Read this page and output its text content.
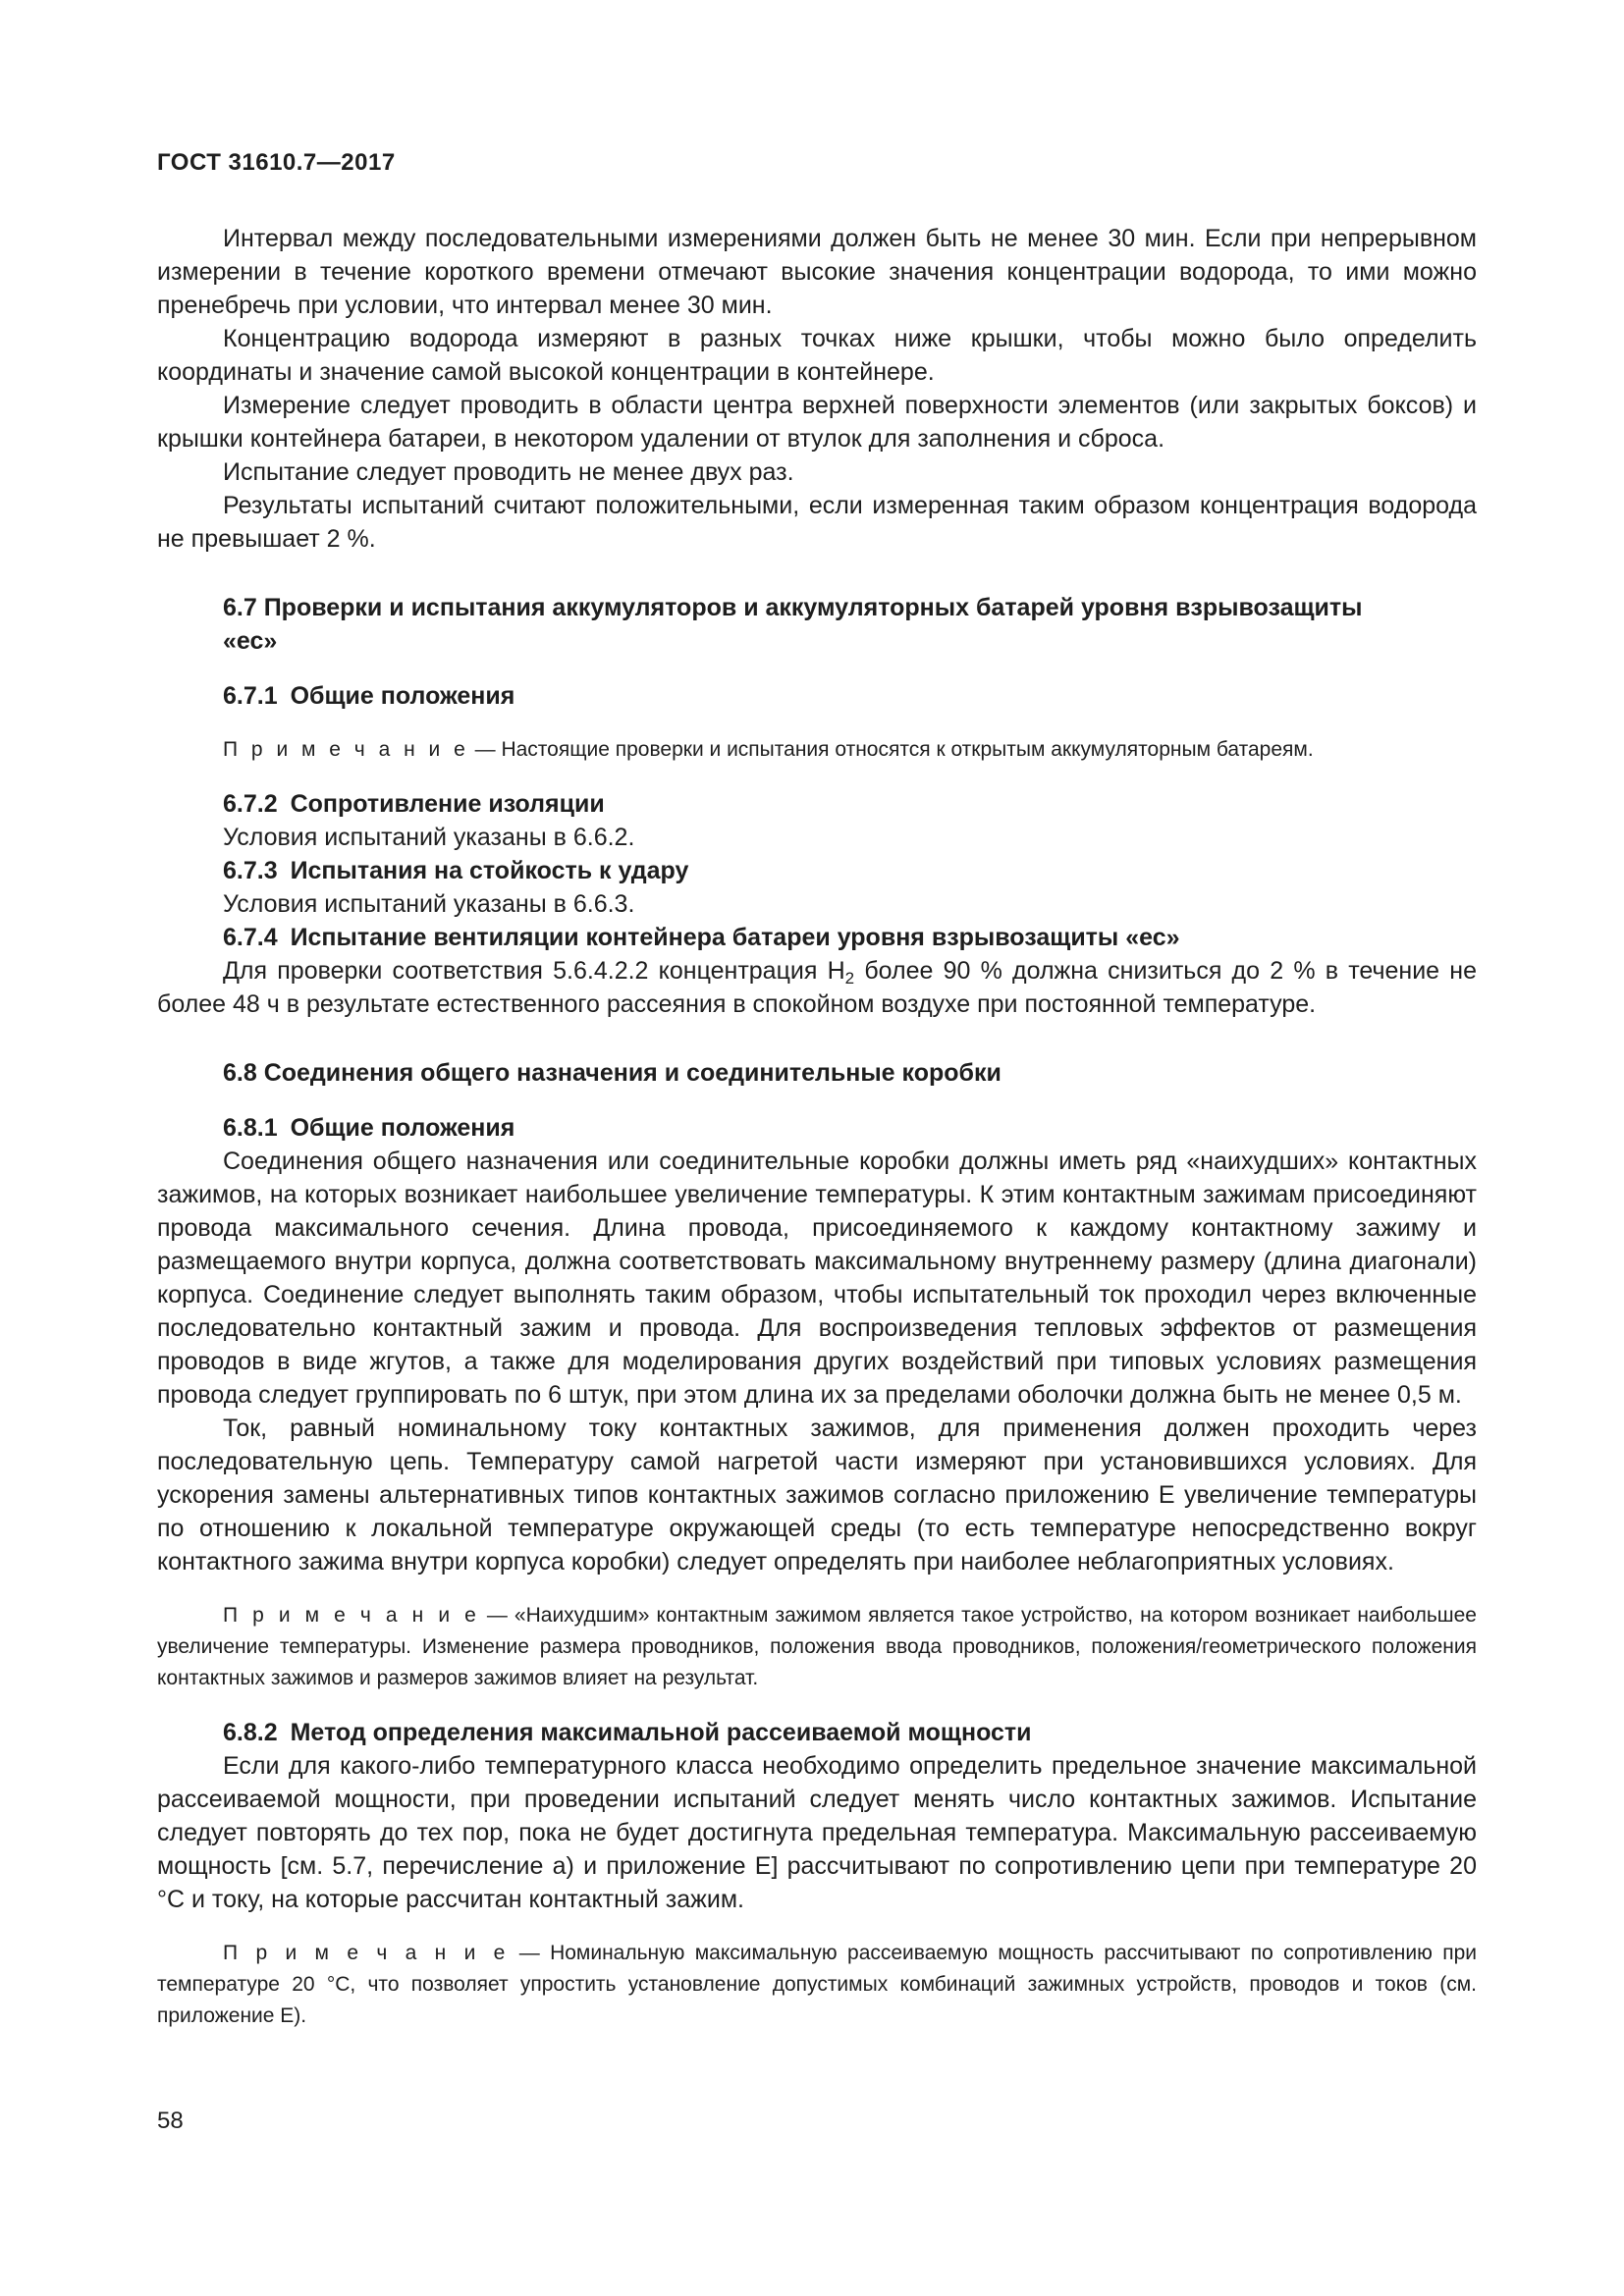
ГОСТ 31610.7—2017

Интервал между последовательными измерениями должен быть не менее 30 мин. Если при непрерывном измерении в течение короткого времени отмечают высокие значения концентрации водорода, то ими можно пренебречь при условии, что интервал менее 30 мин.

Концентрацию водорода измеряют в разных точках ниже крышки, чтобы можно было определить координаты и значение самой высокой концентрации в контейнере.

Измерение следует проводить в области центра верхней поверхности элементов (или закрытых боксов) и крышки контейнера батареи, в некотором удалении от втулок для заполнения и сброса.

Испытание следует проводить не менее двух раз.

Результаты испытаний считают положительными, если измеренная таким образом концентрация водорода не превышает 2 %.

6.7 Проверки и испытания аккумуляторов и аккумуляторных батарей уровня взрывозащиты «ес»

6.7.1 Общие положения

П р и м е ч а н и е — Настоящие проверки и испытания относятся к открытым аккумуляторным батареям.

6.7.2 Сопротивление изоляции

Условия испытаний указаны в 6.6.2.

6.7.3 Испытания на стойкость к удару

Условия испытаний указаны в 6.6.3.

6.7.4 Испытание вентиляции контейнера батареи уровня взрывозащиты «ес»

Для проверки соответствия 5.6.4.2.2 концентрация $H_2$ более 90 % должна снизиться до 2 % в течение не более 48 ч в результате естественного рассеяния в спокойном воздухе при постоянной температуре.

6.8 Соединения общего назначения и соединительные коробки

6.8.1 Общие положения

Соединения общего назначения или соединительные коробки должны иметь ряд «наихудших» контактных зажимов, на которых возникает наибольшее увеличение температуры. К этим контактным зажимам присоединяют провода максимального сечения. Длина провода, присоединяемого к каждому контактному зажиму и размещаемого внутри корпуса, должна соответствовать максимальному внутреннему размеру (длина диагонали) корпуса. Соединение следует выполнять таким образом, чтобы испытательный ток проходил через включенные последовательно контактный зажим и провода. Для воспроизведения тепловых эффектов от размещения проводов в виде жгутов, а также для моделирования других воздействий при типовых условиях размещения провода следует группировать по 6 штук, при этом длина их за пределами оболочки должна быть не менее 0,5 м.

Ток, равный номинальному току контактных зажимов, для применения должен проходить через последовательную цепь. Температуру самой нагретой части измеряют при установившихся условиях. Для ускорения замены альтернативных типов контактных зажимов согласно приложению Е увеличение температуры по отношению к локальной температуре окружающей среды (то есть температуре непосредственно вокруг контактного зажима внутри корпуса коробки) следует определять при наиболее неблагоприятных условиях.

П р и м е ч а н и е — «Наихудшим» контактным зажимом является такое устройство, на котором возникает наибольшее увеличение температуры. Изменение размера проводников, положения ввода проводников, положения/геометрического положения контактных зажимов и размеров зажимов влияет на результат.

6.8.2 Метод определения максимальной рассеиваемой мощности

Если для какого-либо температурного класса необходимо определить предельное значение максимальной рассеиваемой мощности, при проведении испытаний следует менять число контактных зажимов. Испытание следует повторять до тех пор, пока не будет достигнута предельная температура. Максимальную рассеиваемую мощность [см. 5.7, перечисление а) и приложение Е] рассчитывают по сопротивлению цепи при температуре 20 °С и току, на которые рассчитан контактный зажим.

П р и м е ч а н и е — Номинальную максимальную рассеиваемую мощность рассчитывают по сопротивлению при температуре 20 °С, что позволяет упростить установление допустимых комбинаций зажимных устройств, проводов и токов (см. приложение Е).

58
